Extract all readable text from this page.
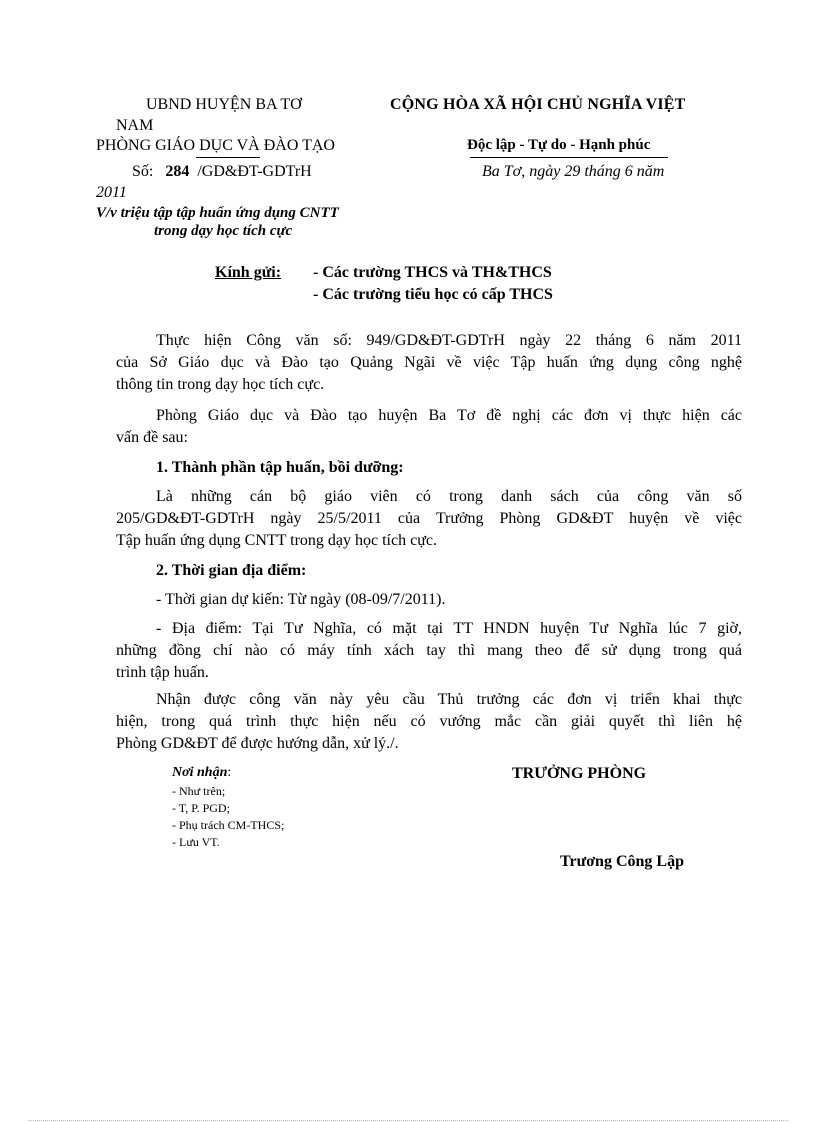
UBND HUYỆN BA TƠ
NAM
PHÒNG GIÁO DỤC VÀ ĐÀO TẠO
Số: 284 /GD&ĐT-GDTrH
2011
V/v triệu tập tập huấn ứng dụng CNTT
trong dạy học tích cực
CỘNG HÒA XÃ HỘI CHỦ NGHĨA VIỆT
Độc lập - Tự do - Hạnh phúc
Ba Tơ, ngày 29 tháng 6 năm
Kính gửi: - Các trường THCS và TH&THCS
- Các trường tiểu học có cấp THCS
Thực hiện Công văn số: 949/GD&ĐT-GDTrH ngày 22 tháng 6 năm 2011
của Sở Giáo dục và Đào tạo Quảng Ngãi về việc Tập huấn ứng dụng công nghệ
thông tin trong dạy học tích cực.
Phòng Giáo dục và Đào tạo huyện Ba Tơ đề nghị các đơn vị thực hiện các
vấn đề sau:
1. Thành phần tập huấn, bồi dưỡng:
Là những cán bộ giáo viên có trong danh sách của công văn số
205/GD&ĐT-GDTrH ngày 25/5/2011 của Trưởng Phòng GD&ĐT huyện về việc
Tập huấn ứng dụng CNTT trong dạy học tích cực.
2. Thời gian địa điểm:
- Thời gian dự kiến: Từ ngày (08-09/7/2011).
- Địa điểm: Tại Tư Nghĩa, có mặt tại TT HNDN huyện Tư Nghĩa lúc 7 giờ,
những đồng chí nào có máy tính xách tay thì mang theo để sử dụng trong quá
trình tập huấn.
Nhận được công văn này yêu cầu Thủ trưởng các đơn vị triển khai thực
hiện, trong quá trình thực hiện nếu có vướng mắc cần giải quyết thì liên hệ
Phòng GD&ĐT để được hướng dẫn, xử lý./.
Nơi nhận:
- Như trên;
- T, P. PGD;
- Phụ trách CM-THCS;
- Lưu VT.
TRƯỞNG PHÒNG
Trương Công Lập
